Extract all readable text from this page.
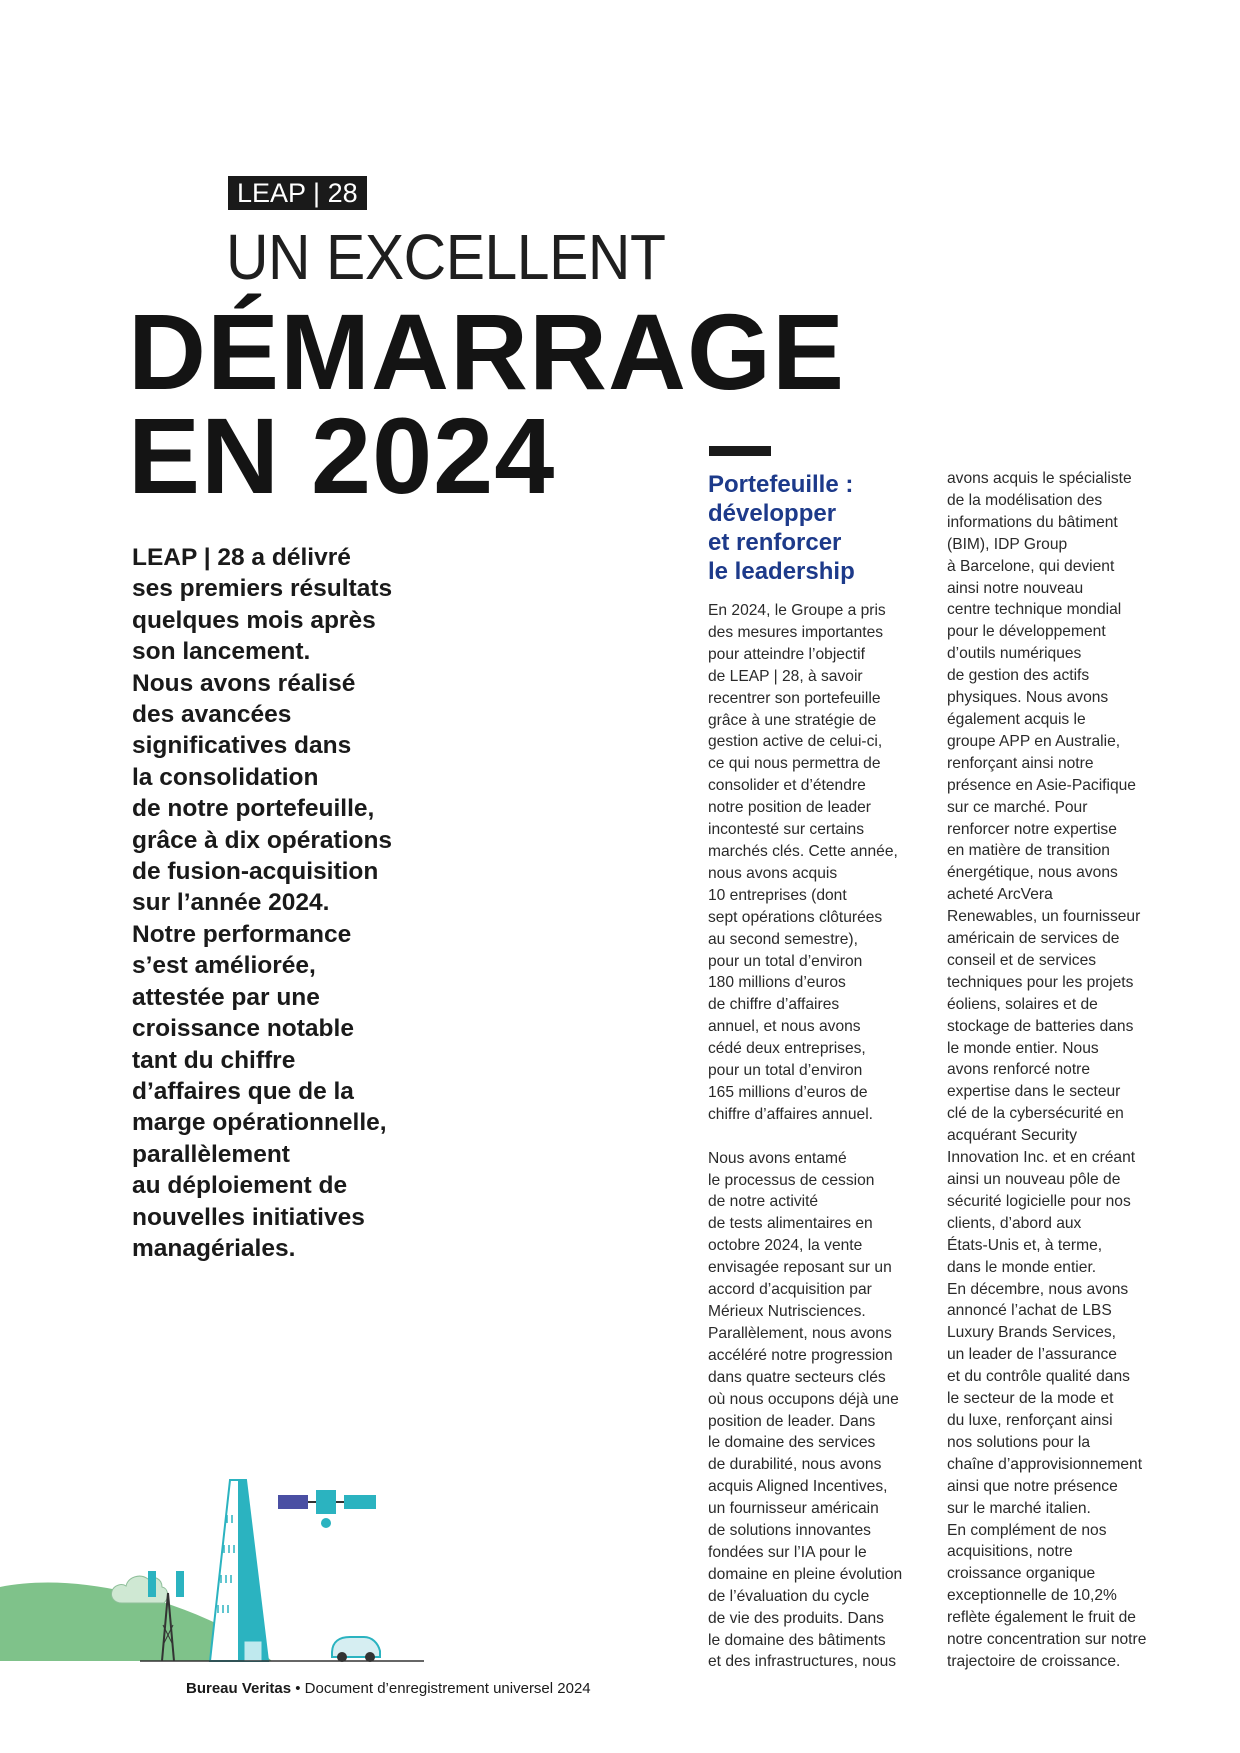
LEAP | 28
UN EXCELLENT
DÉMARRAGE
EN 2024
LEAP | 28 a délivré
ses premiers résultats
quelques mois après
son lancement.
Nous avons réalisé
des avancées
significatives dans
la consolidation
de notre portefeuille,
grâce à dix opérations
de fusion-acquisition
sur l’année 2024.
Notre performance
s’est améliorée,
attestée par une
croissance notable
tant du chiffre
d’affaires que de la
marge opérationnelle,
parallèlement
au déploiement de
nouvelles initiatives
managériales.
Portefeuille :
développer
et renforcer
le leadership
En 2024, le Groupe a pris
des mesures importantes
pour atteindre l’objectif
de LEAP | 28, à savoir
recentrer son portefeuille
grâce à une stratégie de
gestion active de celui-ci,
ce qui nous permettra de
consolider et d’étendre
notre position de leader
incontesté sur certains
marchés clés. Cette année,
nous avons acquis
10 entreprises (dont
sept opérations clôturées
au second semestre),
pour un total d’environ
180 millions d’euros
de chiffre d’affaires
annuel, et nous avons
cédé deux entreprises,
pour un total d’environ
165 millions d’euros de
chiffre d’affaires annuel.
Nous avons entamé
le processus de cession
de notre activité
de tests alimentaires en
octobre 2024, la vente
envisagée reposant sur un
accord d’acquisition par
Mérieux Nutrisciences.
Parallèlement, nous avons
accéléré notre progression
dans quatre secteurs clés
où nous occupons déjà une
position de leader. Dans
le domaine des services
de durabilité, nous avons
acquis Aligned Incentives,
un fournisseur américain
de solutions innovantes
fondées sur l’IA pour le
domaine en pleine évolution
de l’évaluation du cycle
de vie des produits. Dans
le domaine des bâtiments
et des infrastructures, nous
avons acquis le spécialiste
de la modélisation des
informations du bâtiment
(BIM), IDP Group
à Barcelone, qui devient
ainsi notre nouveau
centre technique mondial
pour le développement
d’outils numériques
de gestion des actifs
physiques. Nous avons
également acquis le
groupe APP en Australie,
renforçant ainsi notre
présence en Asie-Pacifique
sur ce marché. Pour
renforcer notre expertise
en matière de transition
énergétique, nous avons
acheté ArcVera
Renewables, un fournisseur
américain de services de
conseil et de services
techniques pour les projets
éoliens, solaires et de
stockage de batteries dans
le monde entier. Nous
avons renforcé notre
expertise dans le secteur
clé de la cybersécurité en
acquérant Security
Innovation Inc. et en créant
ainsi un nouveau pôle de
sécurité logicielle pour nos
clients, d’abord aux
États-Unis et, à terme,
dans le monde entier.
En décembre, nous avons
annoncé l’achat de LBS
Luxury Brands Services,
un leader de l’assurance
et du contrôle qualité dans
le secteur de la mode et
du luxe, renforçant ainsi
nos solutions pour la
chaîne d’approvisionnement
ainsi que notre présence
sur le marché italien.
En complément de nos
acquisitions, notre
croissance organique
exceptionnelle de 10,2%
reflète également le fruit de
notre concentration sur notre
trajectoire de croissance.
Bureau Veritas • Document d’enregistrement universel 2024
